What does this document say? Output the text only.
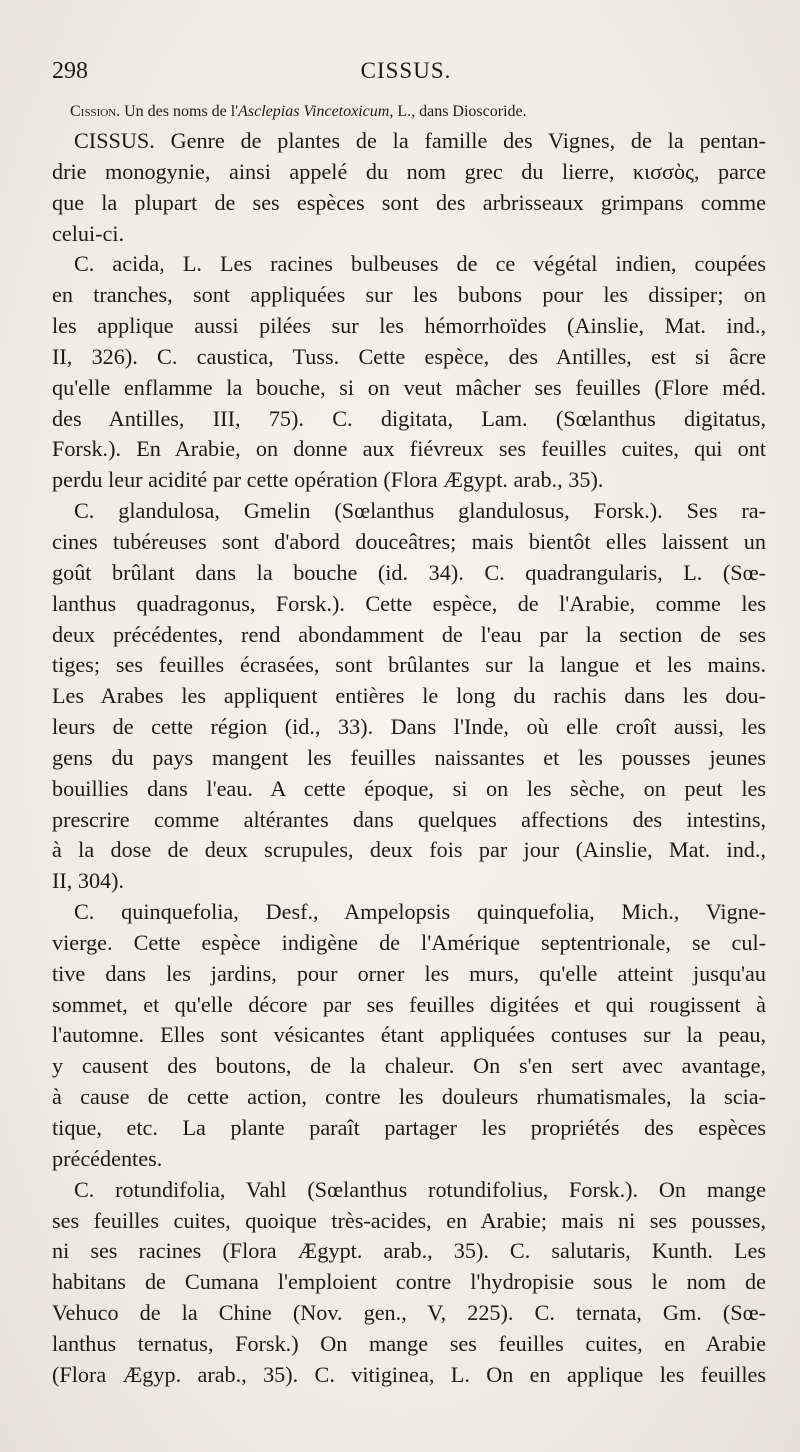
298	CISSUS.
Cission. Un des noms de l'Asclepias Vincetoxicum, L., dans Dioscoride.
CISSUS. Genre de plantes de la famille des Vignes, de la pentan-
drie monogynie, ainsi appelé du nom grec du lierre, κισσὸς, parce
que la plupart de ses espèces sont des arbrisseaux grimpans comme
celui-ci.
C. acida, L. Les racines bulbeuses de ce végétal indien, coupées
en tranches, sont appliquées sur les bubons pour les dissiper; on
les applique aussi pilées sur les hémorrhoïdes (Ainslie, Mat. ind.,
II, 326). C. caustica, Tuss. Cette espèce, des Antilles, est si âcre
qu'elle enflamme la bouche, si on veut mâcher ses feuilles (Flore méd.
des Antilles, III, 75). C. digitata, Lam. (Sœlanthus digitatus,
Forsk.). En Arabie, on donne aux fiévreux ses feuilles cuites, qui ont
perdu leur acidité par cette opération (Flora Ægypt. arab., 35).
C. glandulosa, Gmelin (Sœlanthus glandulosus, Forsk.). Ses ra-
cines tubéreuses sont d'abord douceâtres; mais bientôt elles laissent un
goût brûlant dans la bouche (id. 34). C. quadrangularis, L. (Sœ-
lanthus quadragonus, Forsk.). Cette espèce, de l'Arabie, comme les
deux précédentes, rend abondamment de l'eau par la section de ses
tiges; ses feuilles écrasées, sont brûlantes sur la langue et les mains.
Les Arabes les appliquent entières le long du rachis dans les dou-
leurs de cette région (id., 33). Dans l'Inde, où elle croît aussi, les
gens du pays mangent les feuilles naissantes et les pousses jeunes
bouillies dans l'eau. A cette époque, si on les sèche, on peut les
prescrire comme altérantes dans quelques affections des intestins,
à la dose de deux scrupules, deux fois par jour (Ainslie, Mat. ind.,
II, 304).
C. quinquefolia, Desf., Ampelopsis quinquefolia, Mich., Vigne-
vierge. Cette espèce indigène de l'Amérique septentrionale, se cul-
tive dans les jardins, pour orner les murs, qu'elle atteint jusqu'au
sommet, et qu'elle décore par ses feuilles digitées et qui rougissent à
l'automne. Elles sont vésicantes étant appliquées contuses sur la peau,
y causent des boutons, de la chaleur. On s'en sert avec avantage,
à cause de cette action, contre les douleurs rhumatismales, la scia-
tique, etc. La plante paraît partager les propriétés des espèces
précédentes.
C. rotundifolia, Vahl (Sœlanthus rotundifolius, Forsk.). On mange
ses feuilles cuites, quoique très-acides, en Arabie; mais ni ses pousses,
ni ses racines (Flora Ægypt. arab., 35). C. salutaris, Kunth. Les
habitans de Cumana l'emploient contre l'hydropisie sous le nom de
Vehuco de la Chine (Nov. gen., V, 225). C. ternata, Gm. (Sœ-
lanthus ternatus, Forsk.) On mange ses feuilles cuites, en Arabie
(Flora Ægyp. arab., 35). C. vitiginea, L. On en applique les feuilles
